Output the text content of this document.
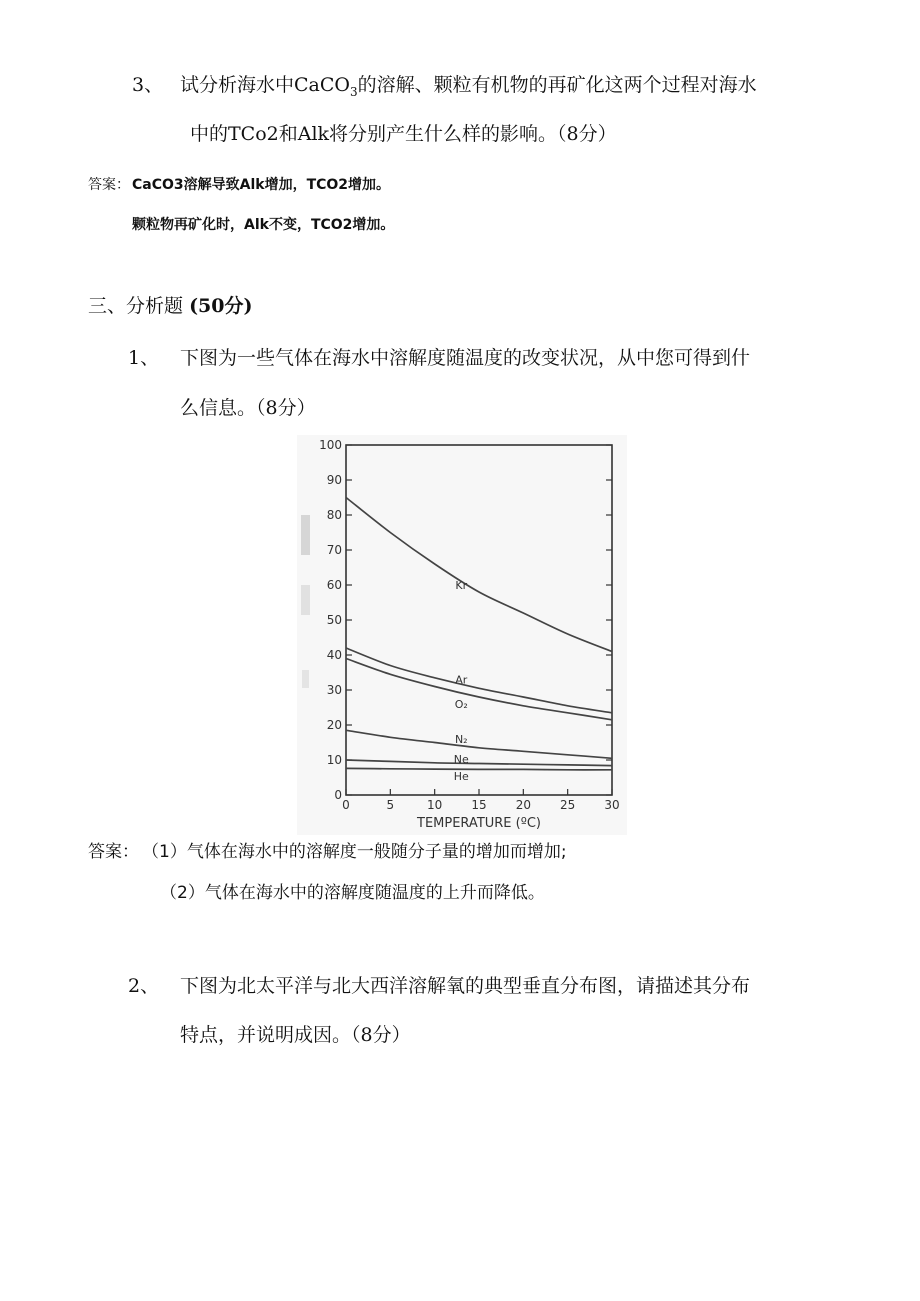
3、 试分析海水中CaCO$_3$的溶解、颗粒有机物的再矿化这两个过程对海水
中的TCo2和Alk将分别产生什么样的影响。（8分）
答案： CaCO3溶解导致Alk增加，TCO2增加。
颗粒物再矿化时，Alk不变，TCO2增加。
三、分析题 (50分)
1、 下图为一些气体在海水中溶解度随温度的改变状况，从中您可得到什
么信息。（8分）
0
10
20
30
40
50
60
70
80
90
100
0	5	10 15 20 25 30
Kr
Ar
O₂
N₂
Ne
He
TEMPERATURE (ºC)
答案： （1）气体在海水中的溶解度一般随分子量的增加而增加;
（2）气体在海水中的溶解度随温度的上升而降低。
2、 下图为北太平洋与北大西洋溶解氧的典型垂直分布图，请描述其分布
特点，并说明成因。（8分）
